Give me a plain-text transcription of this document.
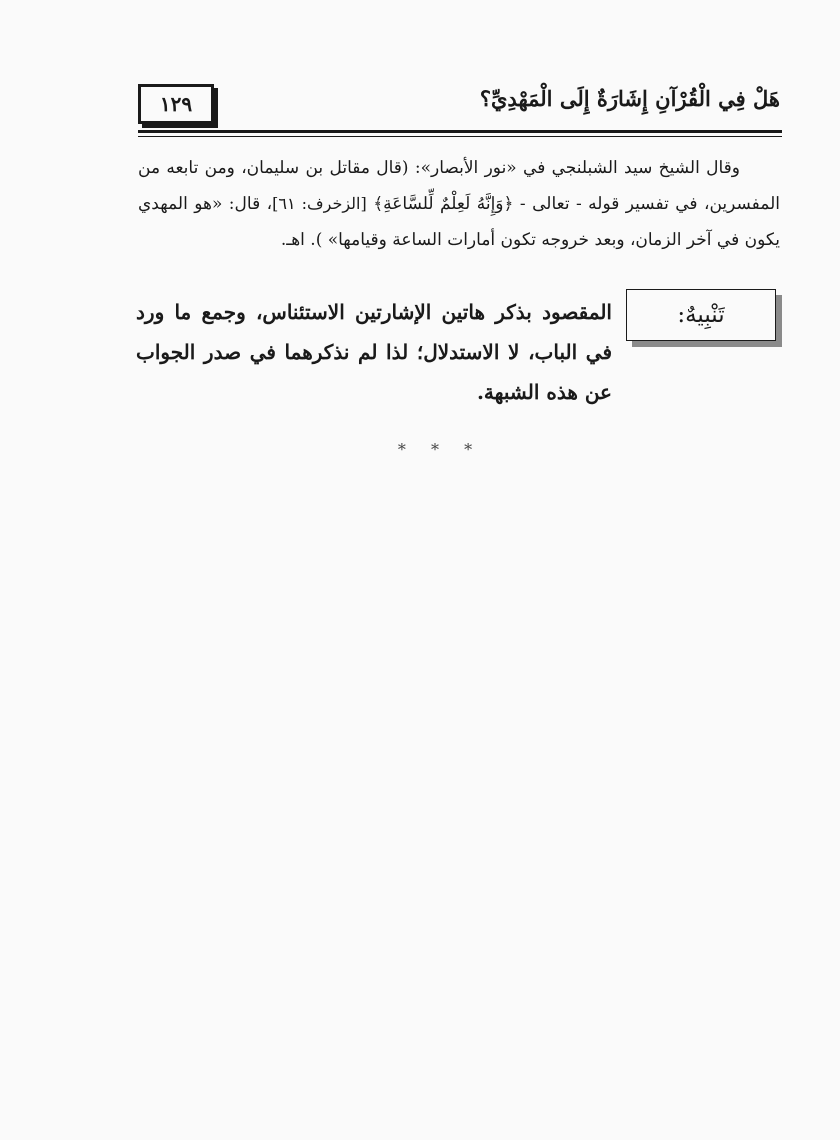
هَلْ فِي الْقُرْآنِ إِشَارَةٌ إِلَى الْمَهْدِيِّ؟
١٢٩

وقال الشيخ سيد الشبلنجي في «نور الأبصار»: (قال مقاتل بن سليمان، ومن تابعه من المفسرين، في تفسير قوله - تعالى - ﴿وَإِنَّهُ لَعِلْمٌ لِّلسَّاعَةِ﴾ [الزخرف: ٦١]، قال: «هو المهدي يكون في آخر الزمان، وبعد خروجه تكون أمارات الساعة وقيامها» ). اهـ.

تَنْبِيهٌ:
المقصود بذكر هاتين الإشارتين الاستئناس، وجمع ما ورد في الباب، لا الاستدلال؛ لذا لم نذكرهما في صدر الجواب عن هذه الشبهة.
* * *
